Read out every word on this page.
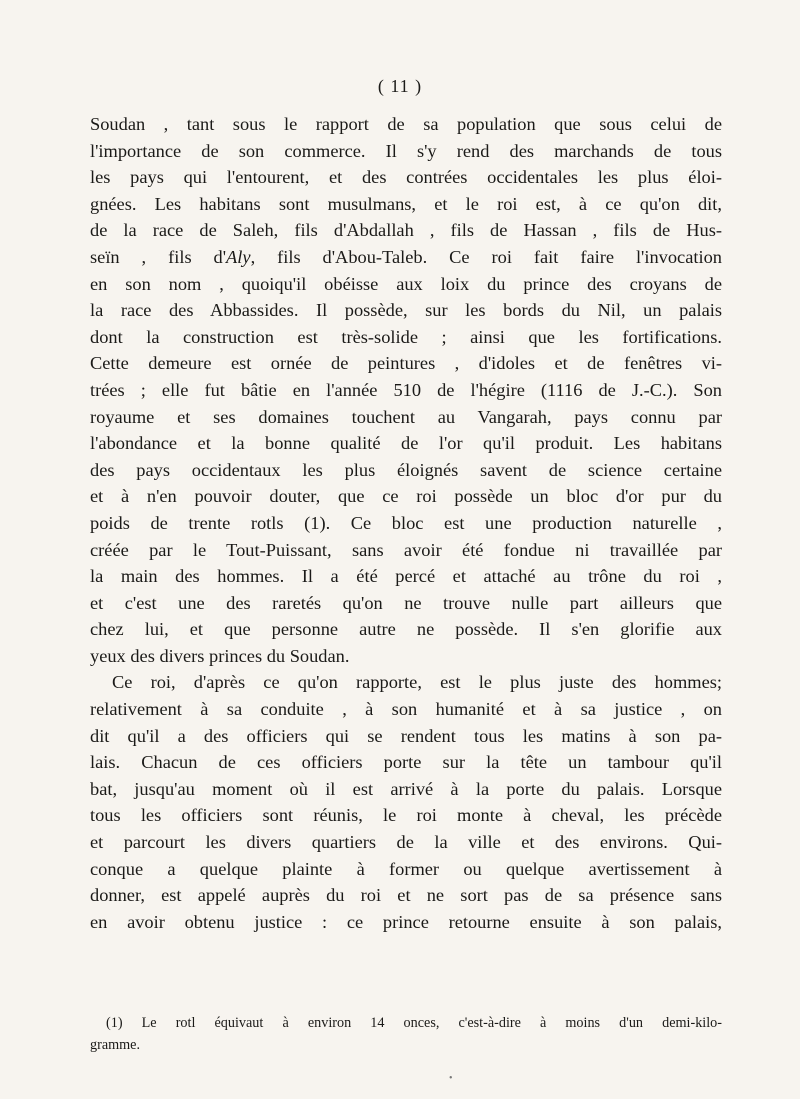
( 11 )
Soudan , tant sous le rapport de sa population que sous celui de
l'importance de son commerce. Il s'y rend des marchands de tous
les pays qui l'entourent, et des contrées occidentales les plus éloi-
gnées. Les habitans sont musulmans, et le roi est, à ce qu'on dit,
de la race de Saleh, fils d'Abdallah , fils de Hassan , fils de Hus-
seïn , fils d'Aly, fils d'Abou-Taleb. Ce roi fait faire l'invocation
en son nom , quoiqu'il obéisse aux loix du prince des croyans de
la race des Abbassides. Il possède, sur les bords du Nil, un palais
dont la construction est très-solide ; ainsi que les fortifications.
Cette demeure est ornée de peintures , d'idoles et de fenêtres vi-
trées ; elle fut bâtie en l'année 510 de l'hégire (1116 de J.-C.). Son
royaume et ses domaines touchent au Vangarah, pays connu par
l'abondance et la bonne qualité de l'or qu'il produit. Les habitans
des pays occidentaux les plus éloignés savent de science certaine
et à n'en pouvoir douter, que ce roi possède un bloc d'or pur du
poids de trente rotls (1). Ce bloc est une production naturelle ,
créée par le Tout-Puissant, sans avoir été fondue ni travaillée par
la main des hommes. Il a été percé et attaché au trône du roi ,
et c'est une des raretés qu'on ne trouve nulle part ailleurs que
chez lui, et que personne autre ne possède. Il s'en glorifie aux
yeux des divers princes du Soudan.
Ce roi, d'après ce qu'on rapporte, est le plus juste des hommes;
relativement à sa conduite , à son humanité et à sa justice , on
dit qu'il a des officiers qui se rendent tous les matins à son pa-
lais. Chacun de ces officiers porte sur la tête un tambour qu'il
bat, jusqu'au moment où il est arrivé à la porte du palais. Lorsque
tous les officiers sont réunis, le roi monte à cheval, les précède
et parcourt les divers quartiers de la ville et des environs. Qui-
conque a quelque plainte à former ou quelque avertissement à
donner, est appelé auprès du roi et ne sort pas de sa présence sans
en avoir obtenu justice : ce prince retourne ensuite à son palais,
(1) Le rotl équivaut à environ 14 onces, c'est-à-dire à moins d'un demi-kilo-
gramme.
•
